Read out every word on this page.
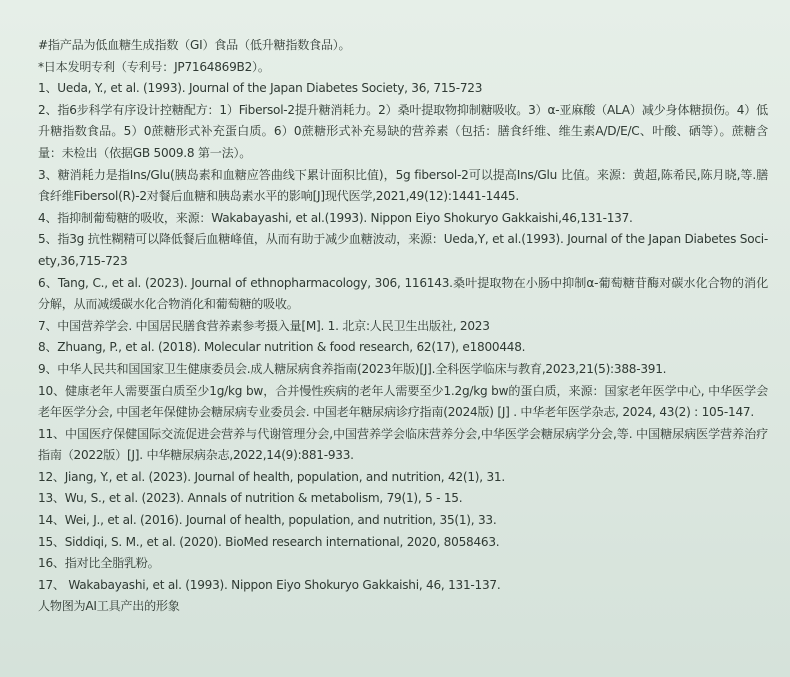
#指产品为低血糖生成指数（GI）食品（低升糖指数食品）。
*日本发明专利（专利号：JP7164869B2）。
1、Ueda, Y., et al. (1993). Journal of the Japan Diabetes Society, 36, 715-723
2、指6步科学有序设计控糖配方：1）Fibersol-2提升糖消耗力。2）桑叶提取物抑制糖吸收。3）α-亚麻酸（ALA）减少身体糖损伤。4）低升糖指数食品。5）0蔗糖形式补充蛋白质。6）0蔗糖形式补充易缺的营养素（包括：膳食纤维、维生素A/D/E/C、叶酸、硒等）。蔗糖含量：未检出（依据GB 5009.8 第一法）。
3、糖消耗力是指Ins/Glu(胰岛素和血糖应答曲线下累计面积比值)，5g fibersol-2可以提高Ins/Glu 比值。来源：黄超,陈希民,陈月晓,等.膳食纤维Fibersol(R)-2对餐后血糖和胰岛素水平的影响[J]现代医学,2021,49(12):1441-1445.
4、指抑制葡萄糖的吸收，来源：Wakabayashi, et al.(1993). Nippon Eiyo Shokuryo Gakkaishi,46,131-137.
5、指3g 抗性糊精可以降低餐后血糖峰值，从而有助于减少血糖波动，来源：Ueda,Y, et al.(1993). Journal of the Japan Diabetes Soci-ety,36,715-723
6、Tang, C., et al. (2023). Journal of ethnopharmacology, 306, 116143.桑叶提取物在小肠中抑制α-葡萄糖苷酶对碳水化合物的消化分解，从而减缓碳水化合物消化和葡萄糖的吸收。
7、中国营养学会. 中国居民膳食营养素参考摄入量[M]. 1. 北京:人民卫生出版社, 2023
8、Zhuang, P., et al. (2018). Molecular nutrition & food research, 62(17), e1800448.
9、中华人民共和国国家卫生健康委员会.成人糖尿病食养指南(2023年版)[J].全科医学临床与教育,2023,21(5):388-391.
10、健康老年人需要蛋白质至少1g/kg bw，合并慢性疾病的老年人需要至少1.2g/kg bw的蛋白质，来源：国家老年医学中心, 中华医学会老年医学分会, 中国老年保健协会糖尿病专业委员会. 中国老年糖尿病诊疗指南(2024版) [J] . 中华老年医学杂志, 2024, 43(2) : 105-147.
11、中国医疗保健国际交流促进会营养与代谢管理分会,中国营养学会临床营养分会,中华医学会糖尿病学分会,等. 中国糖尿病医学营养治疗指南（2022版）[J]. 中华糖尿病杂志,2022,14(9):881-933.
12、Jiang, Y., et al. (2023). Journal of health, population, and nutrition, 42(1), 31.
13、Wu, S., et al. (2023). Annals of nutrition & metabolism, 79(1), 5 - 15.
14、Wei, J., et al. (2016). Journal of health, population, and nutrition, 35(1), 33.
15、Siddiqi, S. M., et al. (2020). BioMed research international, 2020, 8058463.
16、指对比全脂乳粉。
17、 Wakabayashi, et al. (1993). Nippon Eiyo Shokuryo Gakkaishi, 46, 131-137.
人物图为AI工具产出的形象
